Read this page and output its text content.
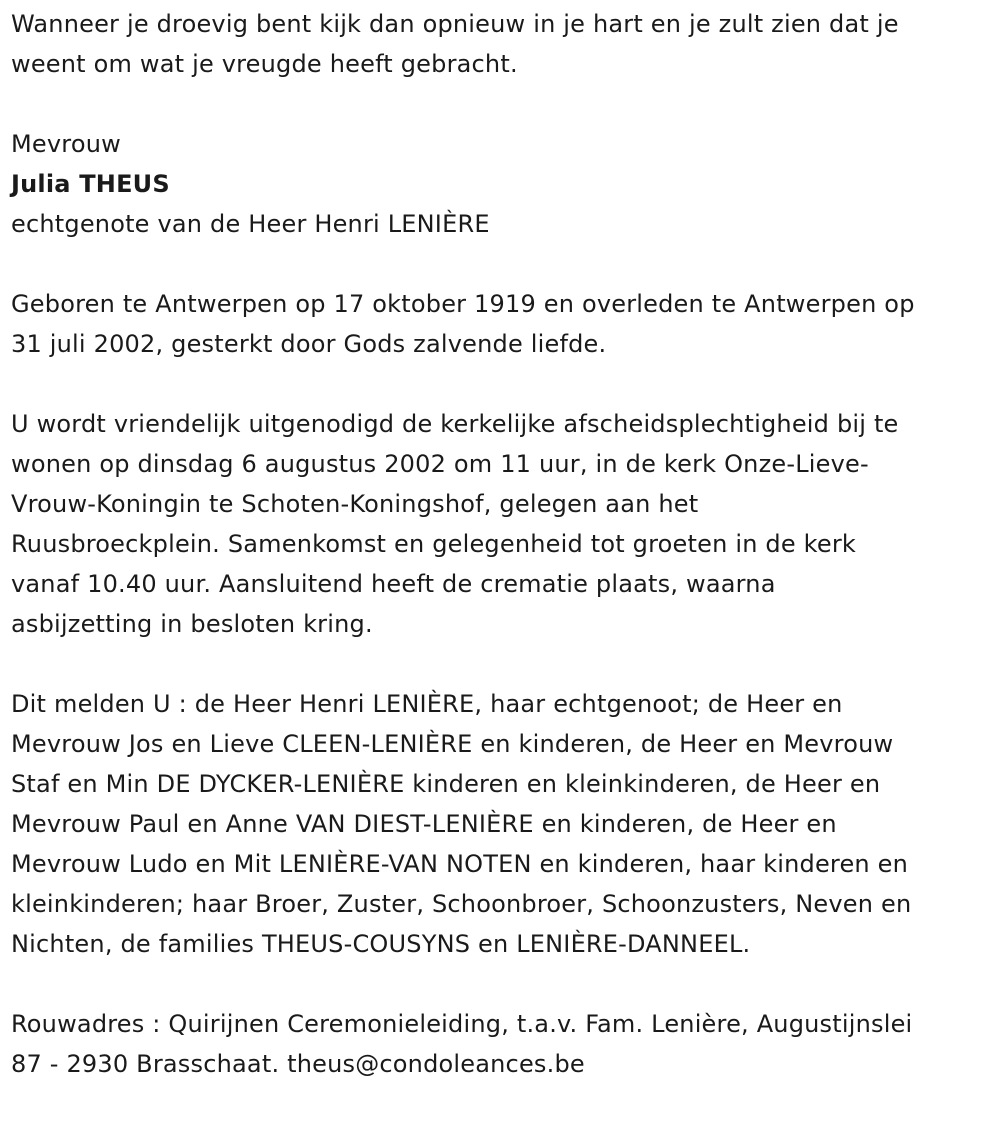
Wanneer je droevig bent kijk dan opnieuw in je hart en je zult zien dat je
weent om wat je vreugde heeft gebracht.

Mevrouw
Julia THEUS
echtgenote van de Heer Henri LENIÈRE

Geboren te Antwerpen op 17 oktober 1919 en overleden te Antwerpen op
31 juli 2002, gesterkt door Gods zalvende liefde.

U wordt vriendelijk uitgenodigd de kerkelijke afscheidsplechtigheid bij te
wonen op dinsdag 6 augustus 2002 om 11 uur, in de kerk Onze-Lieve-
Vrouw-Koningin te Schoten-Koningshof, gelegen aan het
Ruusbroeckplein. Samenkomst en gelegenheid tot groeten in de kerk
vanaf 10.40 uur. Aansluitend heeft de crematie plaats, waarna
asbijzetting in besloten kring.

Dit melden U : de Heer Henri LENIÈRE, haar echtgenoot; de Heer en
Mevrouw Jos en Lieve CLEEN-LENIÈRE en kinderen, de Heer en Mevrouw
Staf en Min DE DYCKER-LENIÈRE kinderen en kleinkinderen, de Heer en
Mevrouw Paul en Anne VAN DIEST-LENIÈRE en kinderen, de Heer en
Mevrouw Ludo en Mit LENIÈRE-VAN NOTEN en kinderen, haar kinderen en
kleinkinderen; haar Broer, Zuster, Schoonbroer, Schoonzusters, Neven en
Nichten, de families THEUS-COUSYNS en LENIÈRE-DANNEEL.

Rouwadres : Quirijnen Ceremonieleiding, t.a.v. Fam. Lenière, Augustijnslei
87 - 2930 Brasschaat. theus@condoleances.be
